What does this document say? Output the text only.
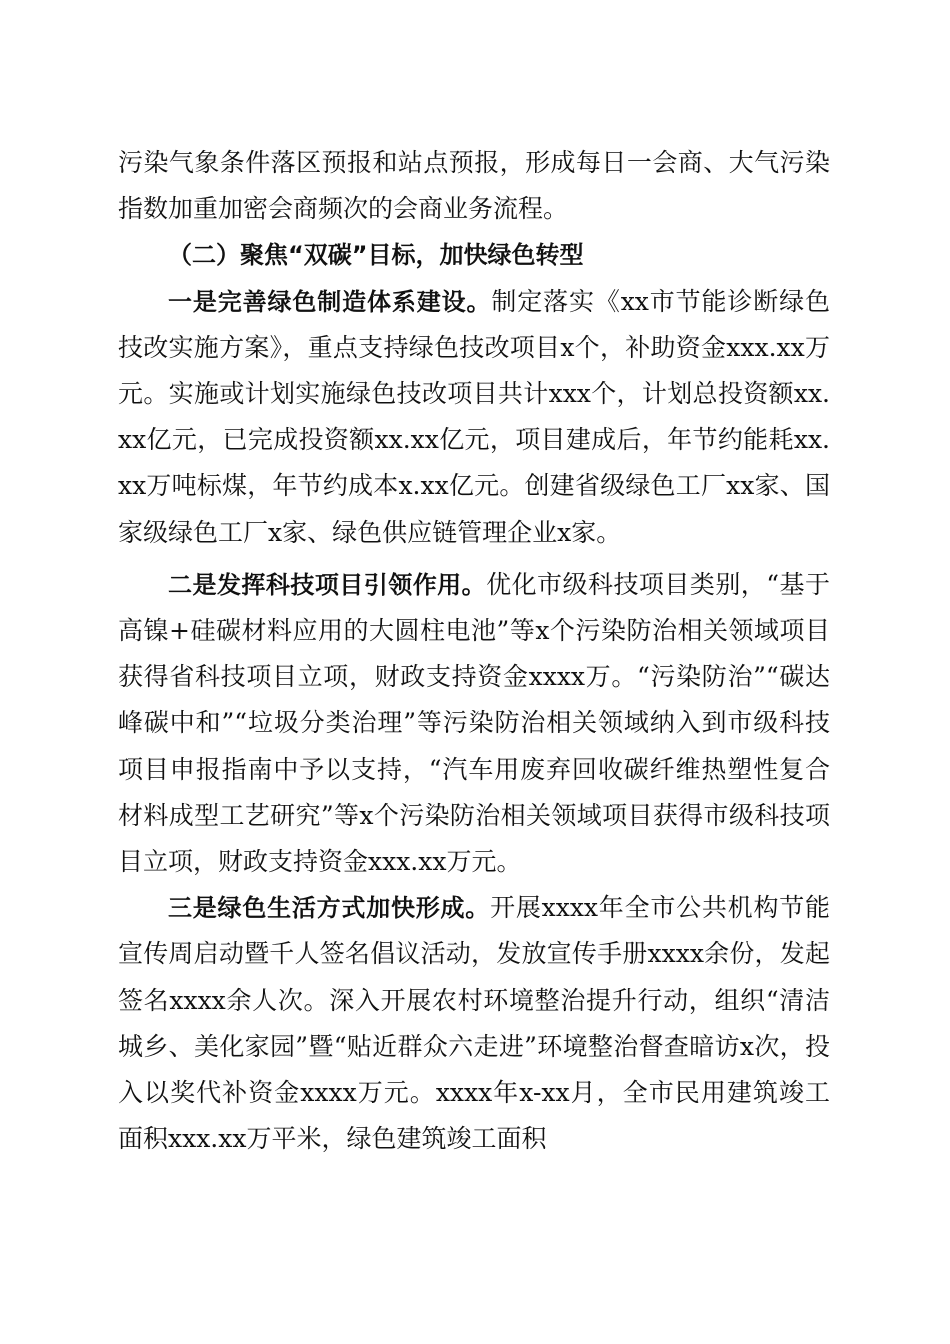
污染气象条件落区预报和站点预报，形成每日一会商、大气污染指数加重加密会商频次的会商业务流程。

（二）聚焦“双碳”目标，加快绿色转型

一是完善绿色制造体系建设。制定落实《xx市节能诊断绿色技改实施方案》，重点支持绿色技改项目x个，补助资金xxx.xx万元。实施或计划实施绿色技改项目共计xxx个，计划总投资额xx.xx亿元，已完成投资额xx.xx亿元，项目建成后，年节约能耗xx.xx万吨标煤，年节约成本x.xx亿元。创建省级绿色工厂xx家、国家级绿色工厂x家、绿色供应链管理企业x家。

二是发挥科技项目引领作用。优化市级科技项目类别，“基于高镍+硅碳材料应用的大圆柱电池”等x个污染防治相关领域项目获得省科技项目立项，财政支持资金xxxx万。“污染防治”“碳达峰碳中和”“垃圾分类治理”等污染防治相关领域纳入到市级科技项目申报指南中予以支持，“汽车用废弃回收碳纤维热塑性复合材料成型工艺研究”等x个污染防治相关领域项目获得市级科技项目立项，财政支持资金xxx.xx万元。

三是绿色生活方式加快形成。开展xxxx年全市公共机构节能宣传周启动暨千人签名倡议活动，发放宣传手册xxxx余份，发起签名xxxx余人次。深入开展农村环境整治提升行动，组织“清洁城乡、美化家园”暨“贴近群众六走进”环境整治督查暗访x次，投入以奖代补资金xxxx万元。xxxx年x-xx月，全市民用建筑竣工面积xxx.xx万平米，绿色建筑竣工面积
